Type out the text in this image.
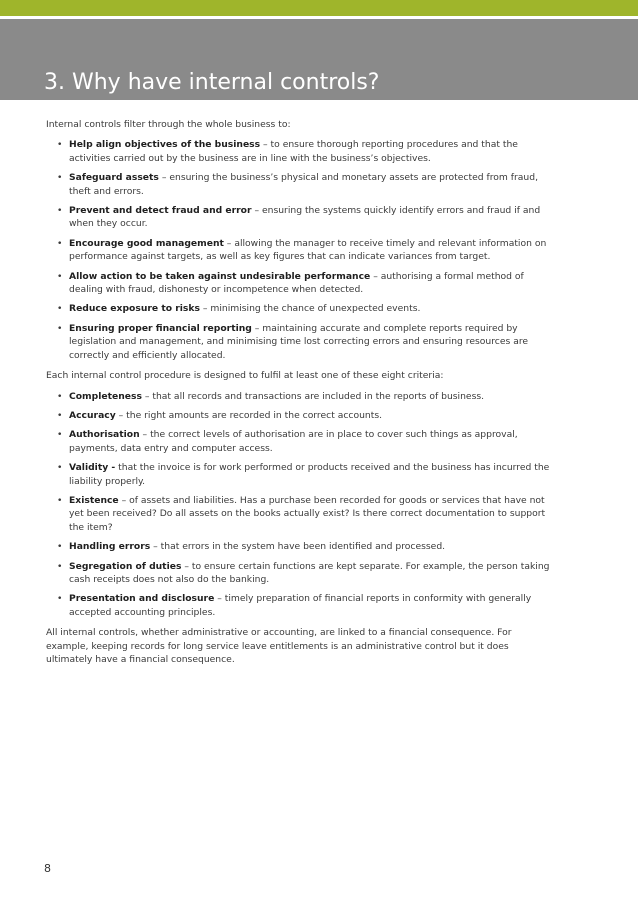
3. Why have internal controls?

Internal controls filter through the whole business to:

• Help align objectives of the business – to ensure thorough reporting procedures and that the activities carried out by the business are in line with the business’s objectives.
• Safeguard assets – ensuring the business’s physical and monetary assets are protected from fraud, theft and errors.
• Prevent and detect fraud and error – ensuring the systems quickly identify errors and fraud if and when they occur.
• Encourage good management – allowing the manager to receive timely and relevant information on performance against targets, as well as key figures that can indicate variances from target.
• Allow action to be taken against undesirable performance – authorising a formal method of dealing with fraud, dishonesty or incompetence when detected.
• Reduce exposure to risks – minimising the chance of unexpected events.
• Ensuring proper financial reporting – maintaining accurate and complete reports required by legislation and management, and minimising time lost correcting errors and ensuring resources are correctly and efficiently allocated.

Each internal control procedure is designed to fulfil at least one of these eight criteria:

• Completeness – that all records and transactions are included in the reports of business.
• Accuracy – the right amounts are recorded in the correct accounts.
• Authorisation – the correct levels of authorisation are in place to cover such things as approval, payments, data entry and computer access.
• Validity - that the invoice is for work performed or products received and the business has incurred the liability properly.
• Existence – of assets and liabilities. Has a purchase been recorded for goods or services that have not yet been received? Do all assets on the books actually exist? Is there correct documentation to support the item?
• Handling errors – that errors in the system have been identified and processed.
• Segregation of duties – to ensure certain functions are kept separate. For example, the person taking cash receipts does not also do the banking.
• Presentation and disclosure – timely preparation of financial reports in conformity with generally accepted accounting principles.

All internal controls, whether administrative or accounting, are linked to a financial consequence. For example, keeping records for long service leave entitlements is an administrative control but it does ultimately have a financial consequence.

8
